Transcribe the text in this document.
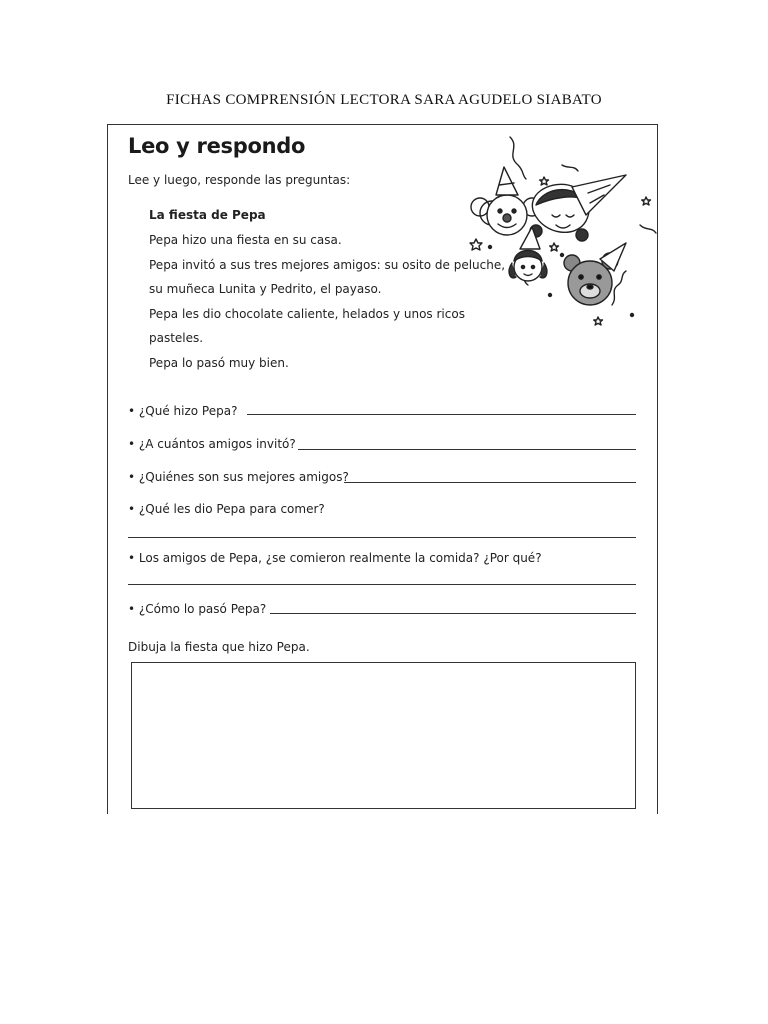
FICHAS COMPRENSIÓN LECTORA SARA AGUDELO SIABATO
Leo y respondo
Lee y luego, responde las preguntas:
La fiesta de Pepa
Pepa hizo una fiesta en su casa.
Pepa invitó a sus tres mejores amigos: su osito de peluche,
su muñeca Lunita y Pedrito, el payaso.
Pepa les dio chocolate caliente, helados y unos ricos
pasteles.
Pepa lo pasó muy bien.
• ¿Qué hizo Pepa?
• ¿A cuántos amigos invitó?
• ¿Quiénes son sus mejores amigos?
• ¿Qué les dio Pepa para comer?
• Los amigos de Pepa, ¿se comieron realmente la comida? ¿Por qué?
• ¿Cómo lo pasó Pepa?
Dibuja la fiesta que hizo Pepa.
